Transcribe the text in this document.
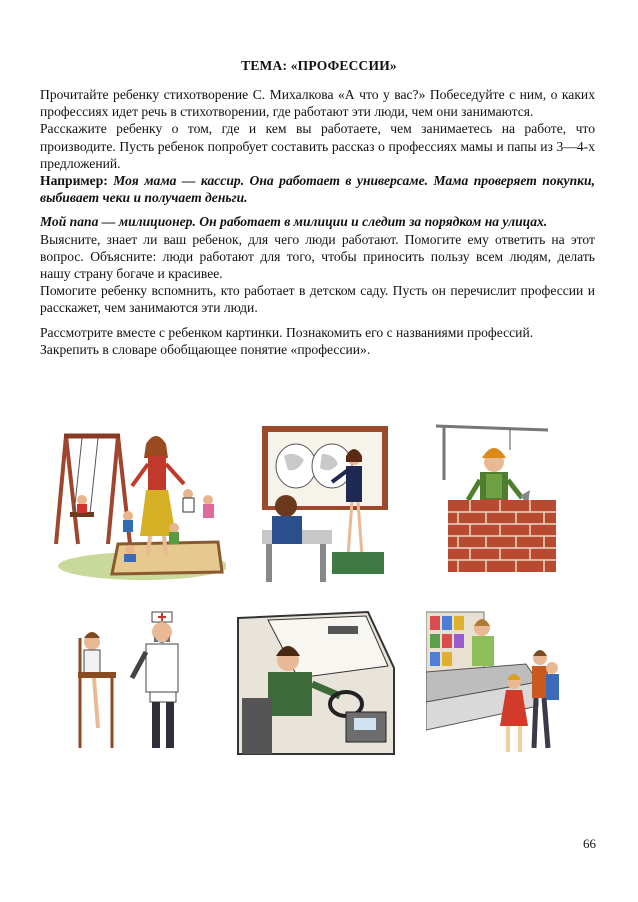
ТЕМА: «ПРОФЕССИИ»

Прочитайте ребенку стихотворение С. Михалкова «А что у вас?» Побеседуйте с ним, о каких профессиях идет речь в стихотворении, где работают эти люди, чем они занимаются.

Расскажите ребенку о том, где и кем вы работаете, чем занимаетесь на работе, что производите. Пусть ребенок попробует составить рассказ о профессиях мамы и папы из 3—4-х предложений.

Например: Моя мама — кассир. Она работает в универсаме. Мама проверяет покупки, выбивает чеки и получает деньги.

Мой папа — милиционер. Он работает в милиции и следит за порядком на улицах.

Выясните, знает ли ваш ребенок, для чего люди работают. Помогите ему ответить на этот вопрос. Объясните: люди работают для того, чтобы приносить пользу всем людям, делать нашу страну богаче и красивее.

Помогите ребенку вспомнить, кто работает в детском саду. Пусть он перечислит профессии и расскажет, чем занимаются эти люди.

Рассмотрите вместе с ребенком картинки. Познакомить его с названиями профессий. Закрепить в словаре обобщающее понятие «профессии».

66
